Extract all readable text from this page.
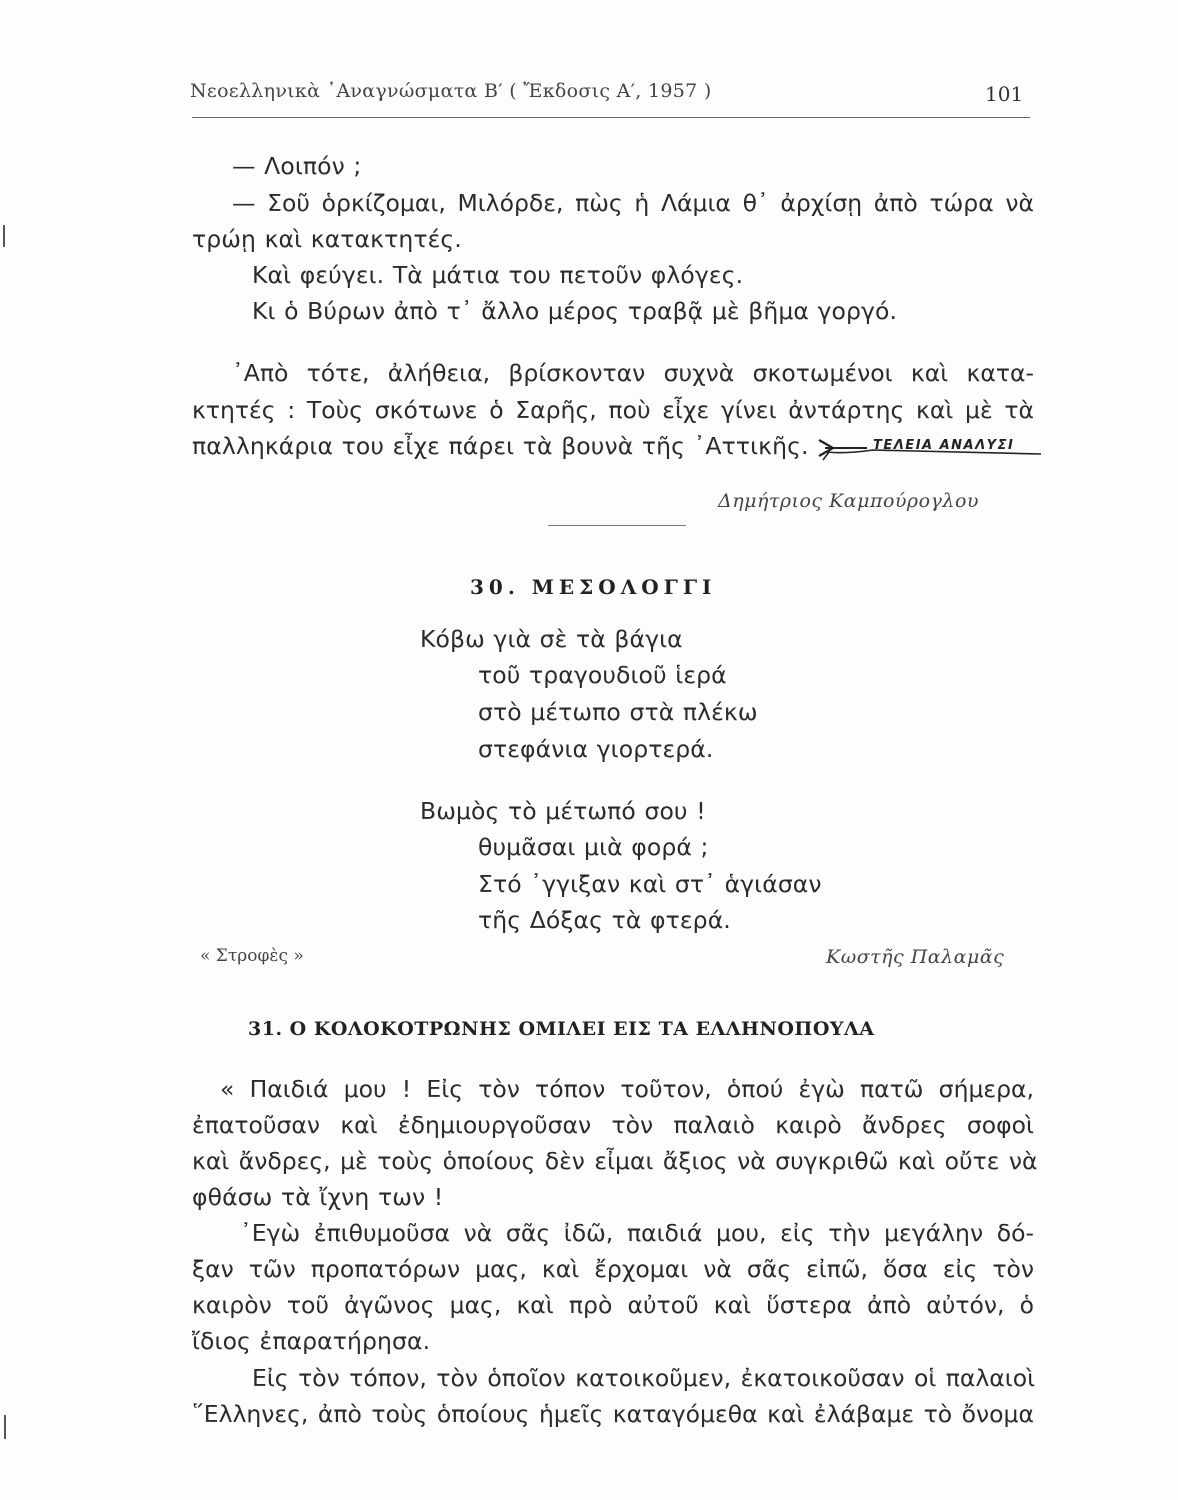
Νεοελληνικὰ ᾿Αναγνώσματα Β′ ( Ἔκδοσις Α′, 1957 )	101
— Λοιπόν ;
— Σοῦ ὁρκίζομαι, Μιλόρδε, πὼς ἡ Λάμια θ᾿ ἀρχίσῃ ἀπὸ τώρα νὰ
τρώῃ καὶ κατακτητές.
Καὶ φεύγει. Τὰ μάτια του πετοῦν φλόγες.
Κι ὁ Βύρων ἀπὸ τ᾿ ἄλλο μέρος τραβᾷ μὲ βῆμα γοργό.
᾿Απὸ τότε, ἀλήθεια, βρίσκονταν συχνὰ σκοτωμένοι καὶ κατα-
κτητές : Τοὺς σκότωνε ὁ Σαρῆς, ποὺ εἶχε γίνει ἀντάρτης καὶ μὲ τὰ
παλληκάρια του εἶχε πάρει τὰ βουνὰ τῆς ᾿Αττικῆς.	ΤΕΛΕΙΑ ΑΝΑΛΥΣΙ
Δημήτριος Καμπούρογλου
30. ΜΕΣΟΛΟΓΓΙ
Κόβω γιὰ σὲ τὰ βάγια
τοῦ τραγουδιοῦ ἱερά
στὸ μέτωπο στὰ πλέκω
στεφάνια γιορτερά.
Βωμὸς τὸ μέτωπό σου !
θυμᾶσαι μιὰ φορά ;
Στό ᾿γγιξαν καὶ στ᾿ ἁγιάσαν
τῆς Δόξας τὰ φτερά.
« Στροφὲς »	Κωστῆς Παλαμᾶς
31. Ο ΚΟΛΟΚΟΤΡΩΝΗΣ ΟΜΙΛΕΙ ΕΙΣ ΤΑ ΕΛΛΗΝΟΠΟΥΛΑ
« Παιδιά μου ! Εἰς τὸν τόπον τοῦτον, ὁπού ἐγὼ πατῶ σήμερα,
ἐπατοῦσαν καὶ ἐδημιουργοῦσαν τὸν παλαιὸ καιρὸ ἄνδρες σοφοὶ
καὶ ἄνδρες, μὲ τοὺς ὁποίους δὲν εἶμαι ἄξιος νὰ συγκριθῶ καὶ οὔτε νὰ
φθάσω τὰ ἴχνη των !
᾿Εγὼ ἐπιθυμοῦσα νὰ σᾶς ἰδῶ, παιδιά μου, εἰς τὴν μεγάλην δό-
ξαν τῶν προπατόρων μας, καὶ ἔρχομαι νὰ σᾶς εἰπῶ, ὅσα εἰς τὸν
καιρὸν τοῦ ἀγῶνος μας, καὶ πρὸ αὐτοῦ καὶ ὕστερα ἀπὸ αὐτόν, ὁ
ἴδιος ἐπαρατήρησα.
Εἰς τὸν τόπον, τὸν ὁποῖον κατοικοῦμεν, ἐκατοικοῦσαν οἱ παλαιοὶ
῞Ελληνες, ἀπὸ τοὺς ὁποίους ἡμεῖς καταγόμεθα καὶ ἐλάβαμε τὸ ὄνομα
